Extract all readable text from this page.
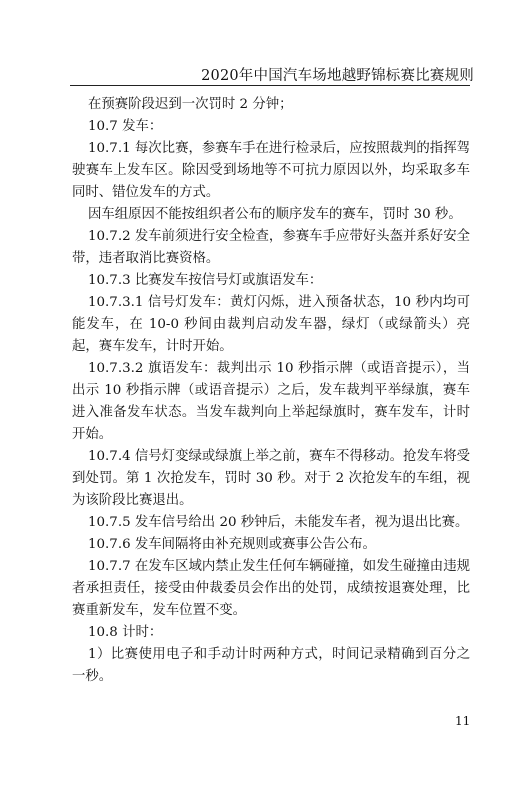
2020年中国汽车场地越野锦标赛比赛规则

在预赛阶段迟到一次罚时 2 分钟；

10.7 发车：

10.7.1 每次比赛，参赛车手在进行检录后，应按照裁判的指挥驾驶赛车上发车区。除因受到场地等不可抗力原因以外，均采取多车同时、错位发车的方式。

因车组原因不能按组织者公布的顺序发车的赛车，罚时 30 秒。

10.7.2 发车前须进行安全检查，参赛车手应带好头盔并系好安全带，违者取消比赛资格。

10.7.3 比赛发车按信号灯或旗语发车：

10.7.3.1 信号灯发车：黄灯闪烁，进入预备状态，10 秒内均可能发车，在 10-0 秒间由裁判启动发车器，绿灯（或绿箭头）亮起，赛车发车，计时开始。

10.7.3.2 旗语发车：裁判出示 10 秒指示牌（或语音提示），当出示 10 秒指示牌（或语音提示）之后，发车裁判平举绿旗，赛车进入准备发车状态。当发车裁判向上举起绿旗时，赛车发车，计时开始。

10.7.4 信号灯变绿或绿旗上举之前，赛车不得移动。抢发车将受到处罚。第 1 次抢发车，罚时 30 秒。对于 2 次抢发车的车组，视为该阶段比赛退出。

10.7.5 发车信号给出 20 秒钟后，未能发车者，视为退出比赛。

10.7.6 发车间隔将由补充规则或赛事公告公布。

10.7.7 在发车区域内禁止发生任何车辆碰撞，如发生碰撞由违规者承担责任，接受由仲裁委员会作出的处罚，成绩按退赛处理，比赛重新发车，发车位置不变。

10.8 计时：

1）比赛使用电子和手动计时两种方式，时间记录精确到百分之一秒。

11
